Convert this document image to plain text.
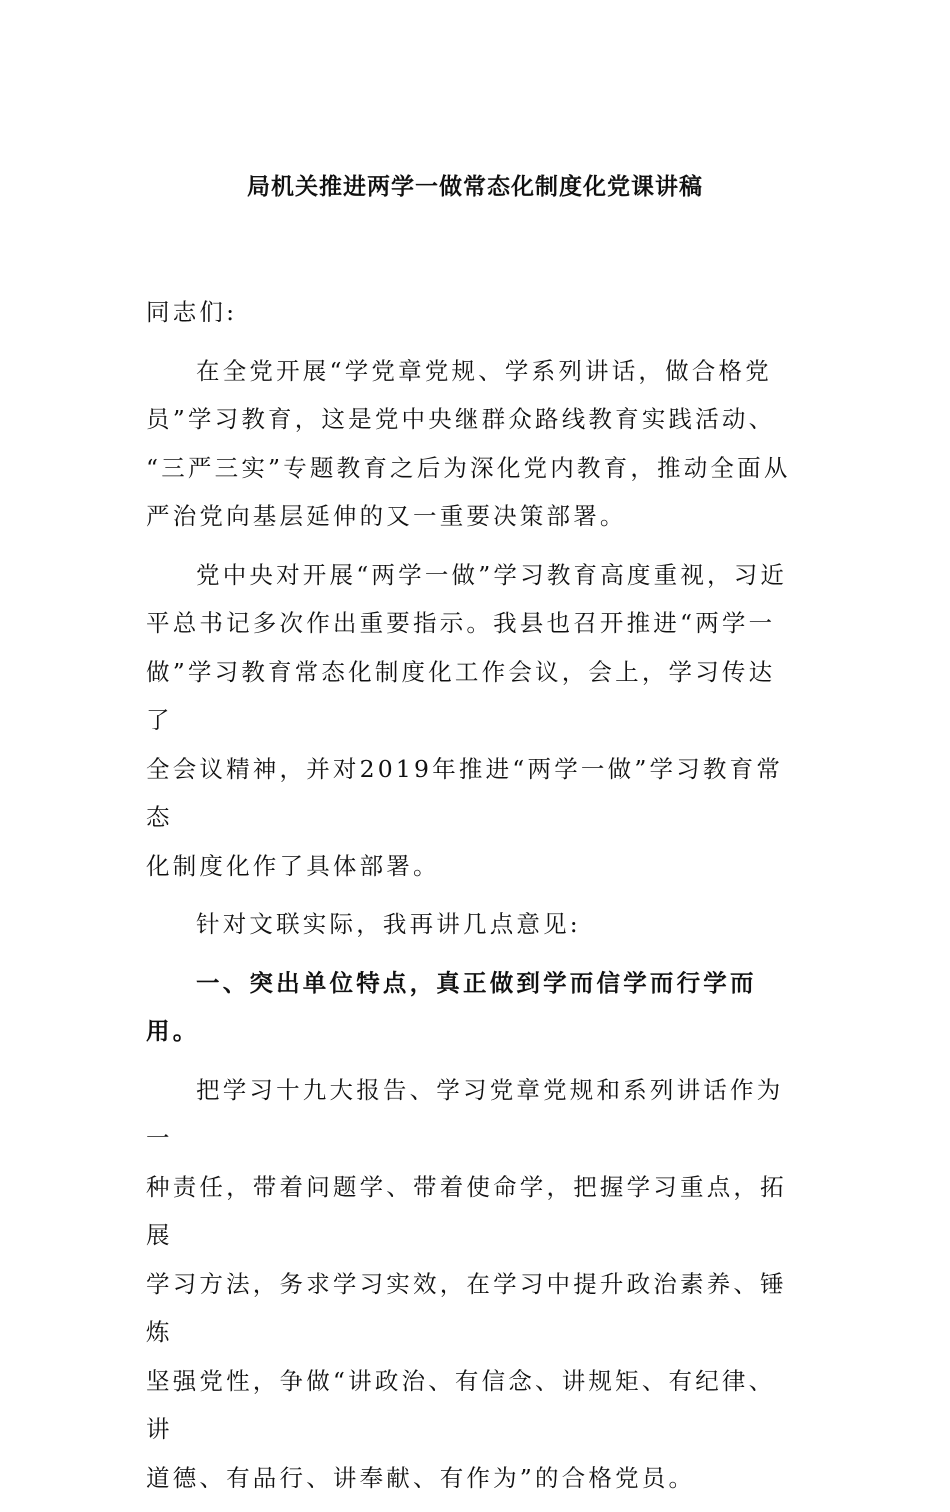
局机关推进两学一做常态化制度化党课讲稿

同志们:

在全党开展“学党章党规、学系列讲话，做合格党
员”学习教育，这是党中央继群众路线教育实践活动、
“三严三实”专题教育之后为深化党内教育，推动全面从
严治党向基层延伸的又一重要决策部署。

党中央对开展“两学一做”学习教育高度重视，习近
平总书记多次作出重要指示。我县也召开推进“两学一
做”学习教育常态化制度化工作会议，会上，学习传达了
全会议精神，并对2019年推进“两学一做”学习教育常态
化制度化作了具体部署。

针对文联实际，我再讲几点意见:

一、突出单位特点，真正做到学而信学而行学而用。

把学习十九大报告、学习党章党规和系列讲话作为一
种责任，带着问题学、带着使命学，把握学习重点，拓展
学习方法，务求学习实效，在学习中提升政治素养、锤炼
坚强党性，争做“讲政治、有信念、讲规矩、有纪律、讲
道德、有品行、讲奉献、有作为”的合格党员。
